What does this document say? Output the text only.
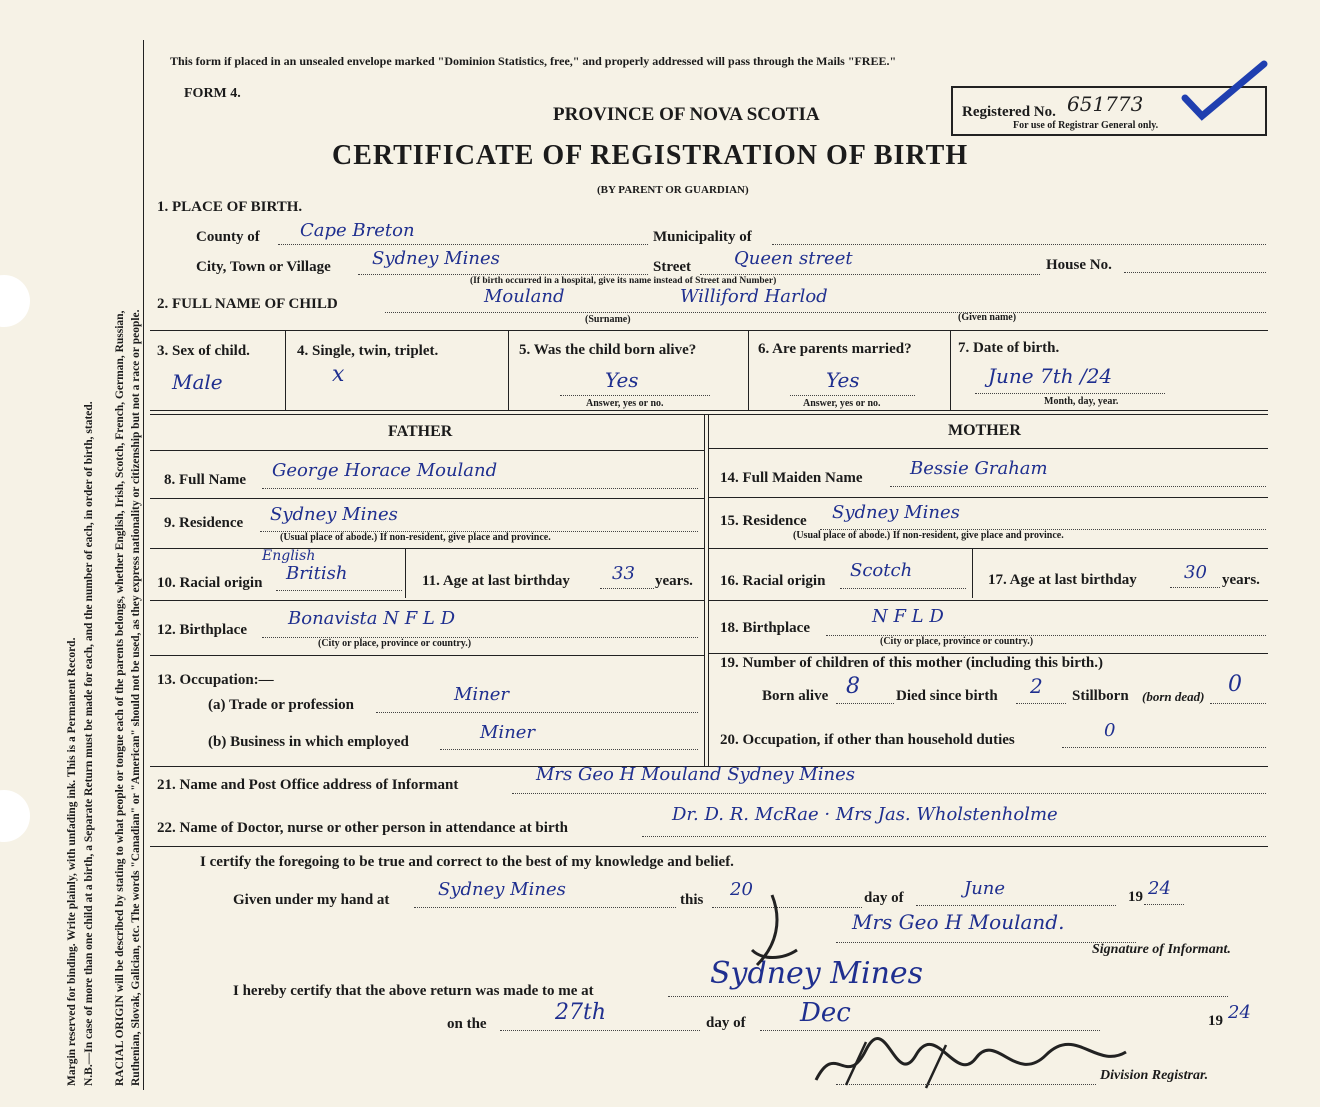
Margin reserved for binding. Write plainly, with unfading ink. This is a Permanent Record. N.B.—In case of more than one child at a birth, a Separate Return must be made for each, and the number of each, in order of birth, stated. RACIAL ORIGIN will be described by stating to what people or tongue each of the parents belongs, whether English, Irish, Scotch, French, German, Russian, Ruthenian, Slovak, Galician, etc. The words "Canadian" or "American" should not be used, as they express nationality or citizenship but not a race or people.
This form if placed in an unsealed envelope marked "Dominion Statistics, free," and properly addressed will pass through the Mails "FREE."
FORM 4.
PROVINCE OF NOVA SCOTIA
CERTIFICATE OF REGISTRATION OF BIRTH
(BY PARENT OR GUARDIAN)
Registered No. 651773
For use of Registrar General only.
1. PLACE OF BIRTH.
County of Cape Breton	Municipality of
City, Town or Village Sydney Mines	Street Queen street	House No.
(If birth occurred in a hospital, give its name instead of Street and Number)
2. FULL NAME OF CHILD	Mouland	Williford Harlod
(Surname)	(Given name)
3. Sex of child.
Male
4. Single, twin, triplet.
x
5. Was the child born alive?
Yes
Answer, yes or no.
6. Are parents married?
Yes
Answer, yes or no.
7. Date of birth.
June 7th /24
Month, day, year.
FATHER
8. Full Name George Horace Mouland
9. Residence Sydney Mines
(Usual place of abode.) If non-resident, give place and province.
English
10. Racial origin British	11. Age at last birthday 33 years.
12. Birthplace
Bonavista N F L D
(City or place, province or country.)
13. Occupation:—
(a) Trade or profession	Miner
(b) Business in which employed	Miner
MOTHER
14. Full Maiden Name	Bessie Graham
15. Residence Sydney Mines
(Usual place of abode.) If non-resident, give place and province.
16. Racial origin Scotch	17. Age at last birthday	30 years.
18. Birthplace
N F L D
(City or place, province or country.)
19. Number of children of this mother (including this birth.)
Born alive 8 Died since birth 2 Stillborn (born dead) 0
20. Occupation, if other than household duties	0
21. Name and Post Office address of Informant	Mrs Geo H Mouland Sydney Mines
22. Name of Doctor, nurse or other person in attendance at birth
Dr. D. R. McRae · Mrs Jas. Wholstenholme
I certify the foregoing to be true and correct to the best of my knowledge and belief.
Given under my hand at	Sydney Mines	this 20	day of	June	19 24
Mrs Geo H Mouland.
Signature of Informant.
I hereby certify that the above return was made to me at	Sydney Mines
on the	27th	day of Dec	19 24
Division Registrar.
